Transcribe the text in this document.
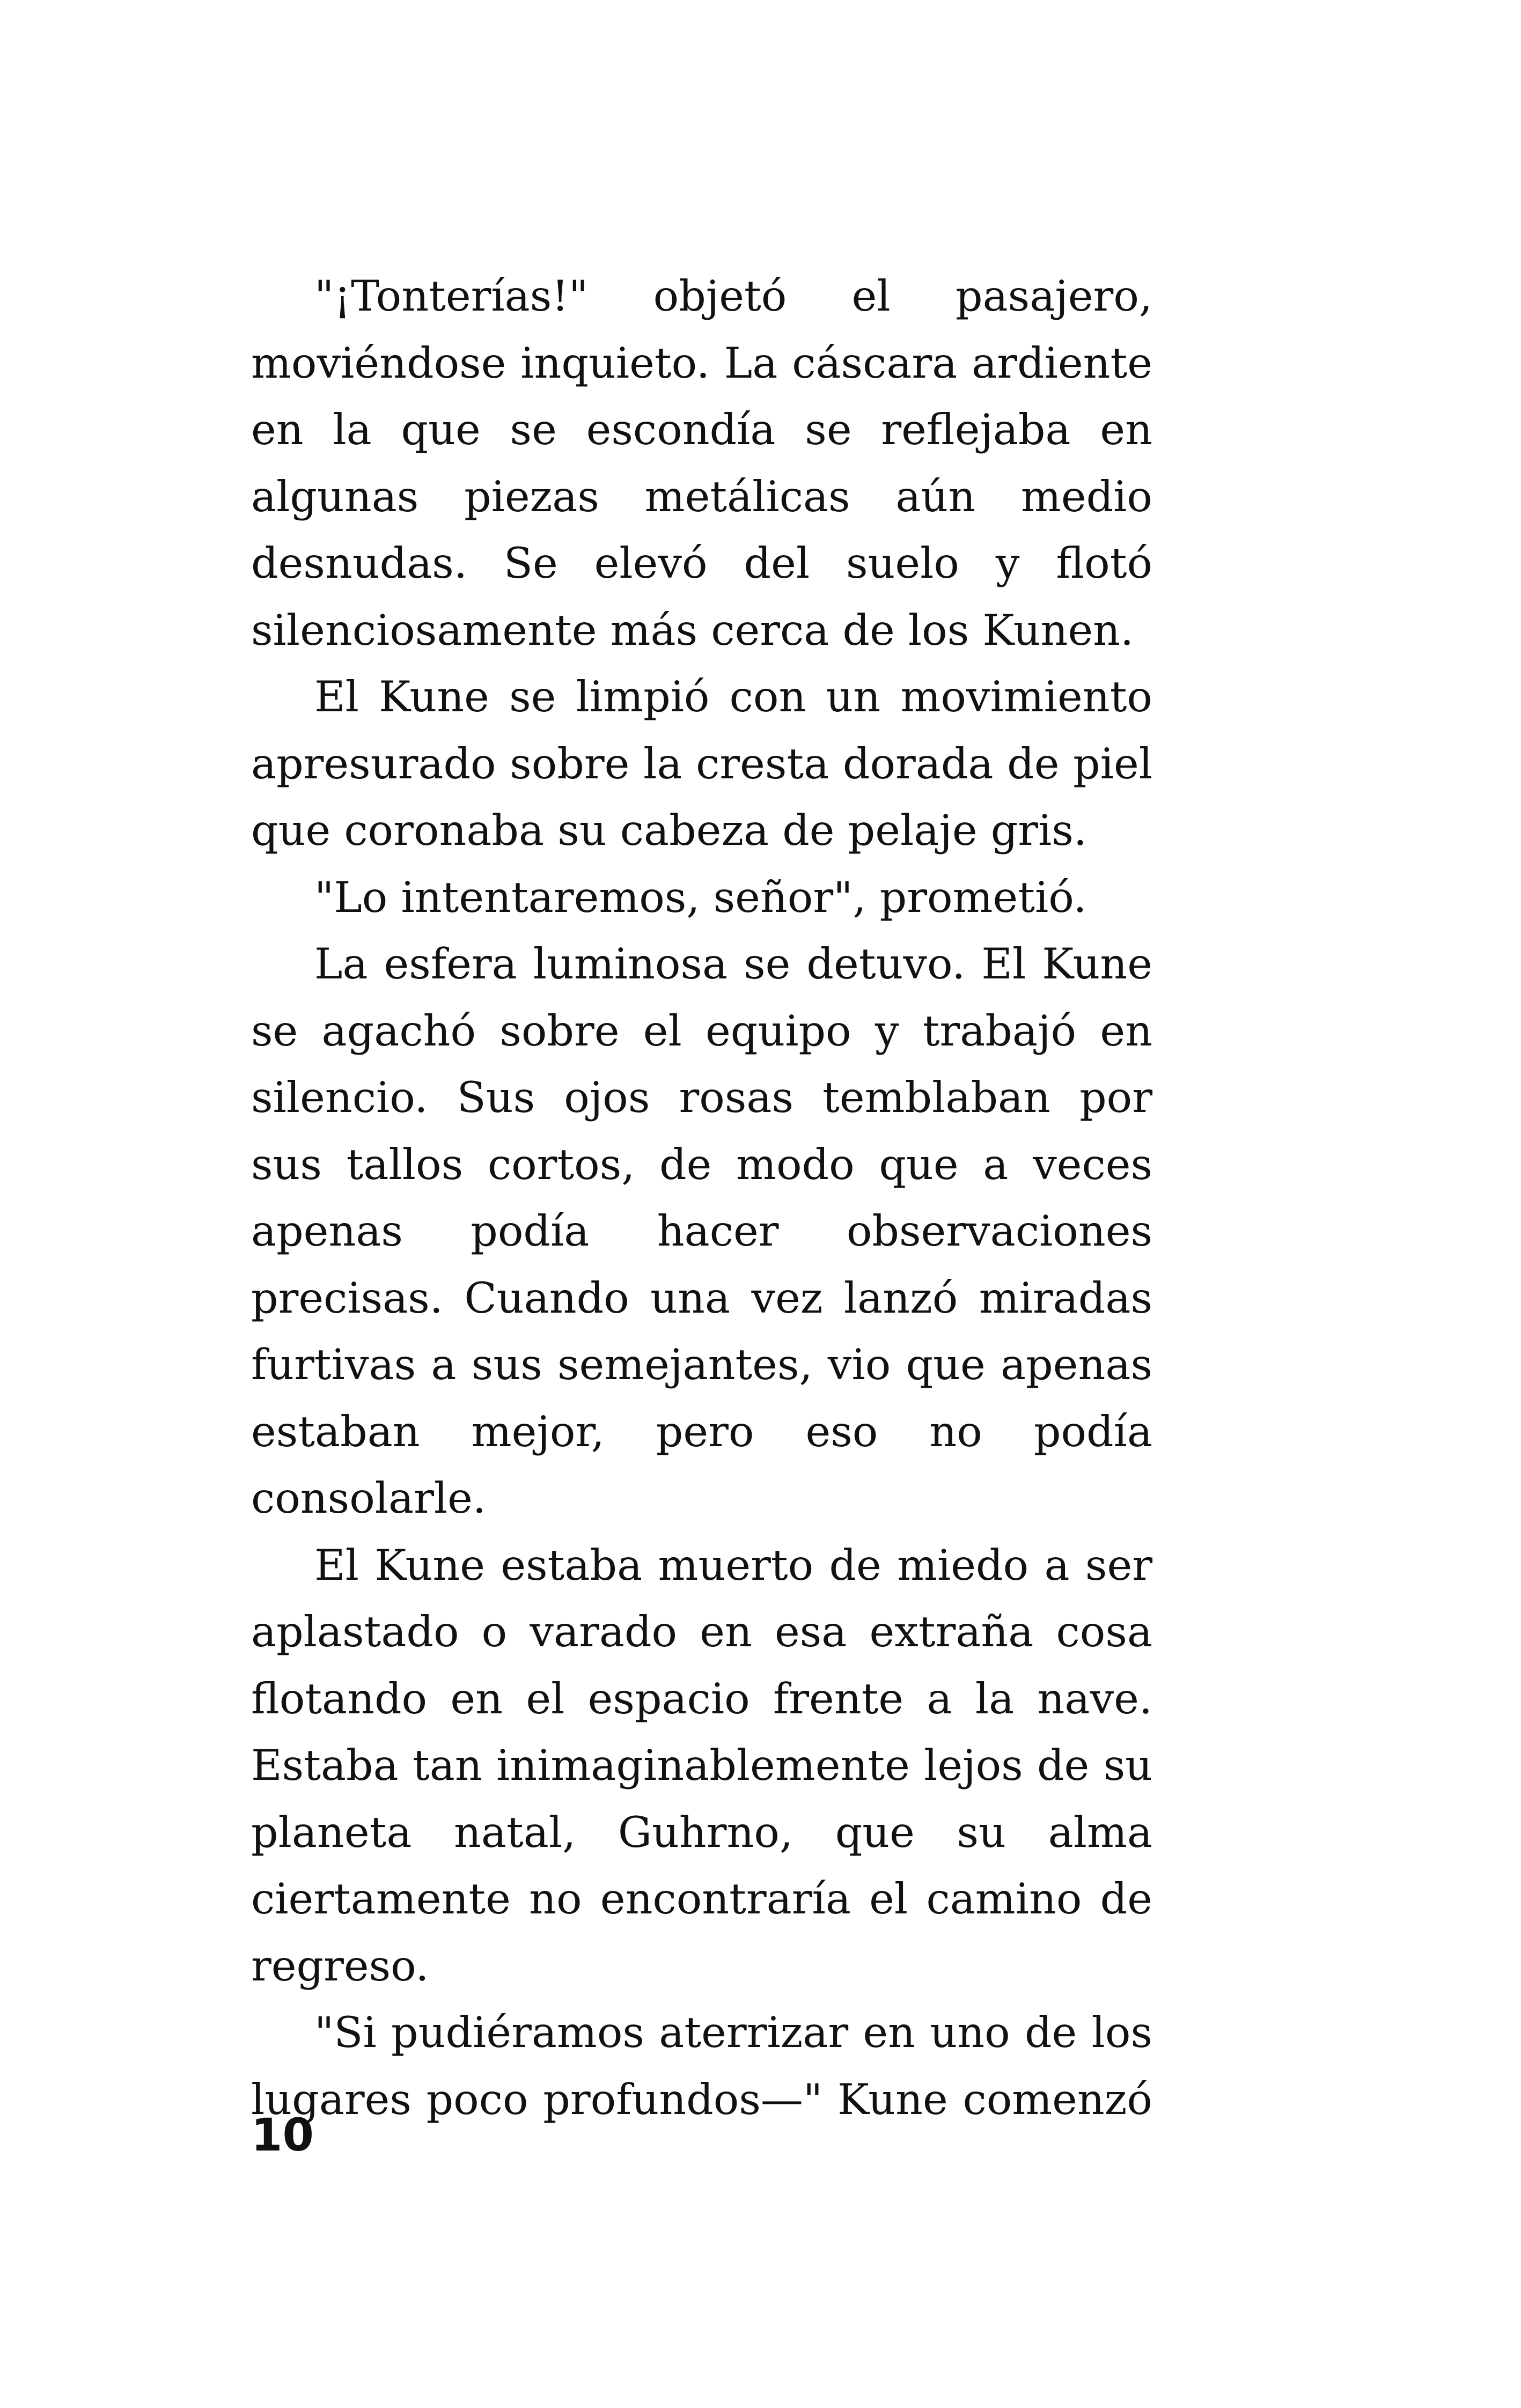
"¡Tonterías!" objetó el pasajero, moviéndose inquieto. La cáscara ardiente en la que se escondía se reflejaba en algunas piezas metálicas aún medio desnudas. Se elevó del suelo y flotó silenciosamente más cerca de los Kunen.

El Kune se limpió con un movimiento apresurado sobre la cresta dorada de piel que coronaba su cabeza de pelaje gris.

"Lo intentaremos, señor", prometió.

La esfera luminosa se detuvo. El Kune se agachó sobre el equipo y trabajó en silencio. Sus ojos rosas temblaban por sus tallos cortos, de modo que a veces apenas podía hacer observaciones precisas. Cuando una vez lanzó miradas furtivas a sus semejantes, vio que apenas estaban mejor, pero eso no podía consolarle.

El Kune estaba muerto de miedo a ser aplastado o varado en esa extraña cosa flotando en el espacio frente a la nave. Estaba tan inimaginablemente lejos de su planeta natal, Guhrno, que su alma ciertamente no encontraría el camino de regreso.

"Si pudiéramos aterrizar en uno de los lugares poco profundos—" Kune comenzó

10
